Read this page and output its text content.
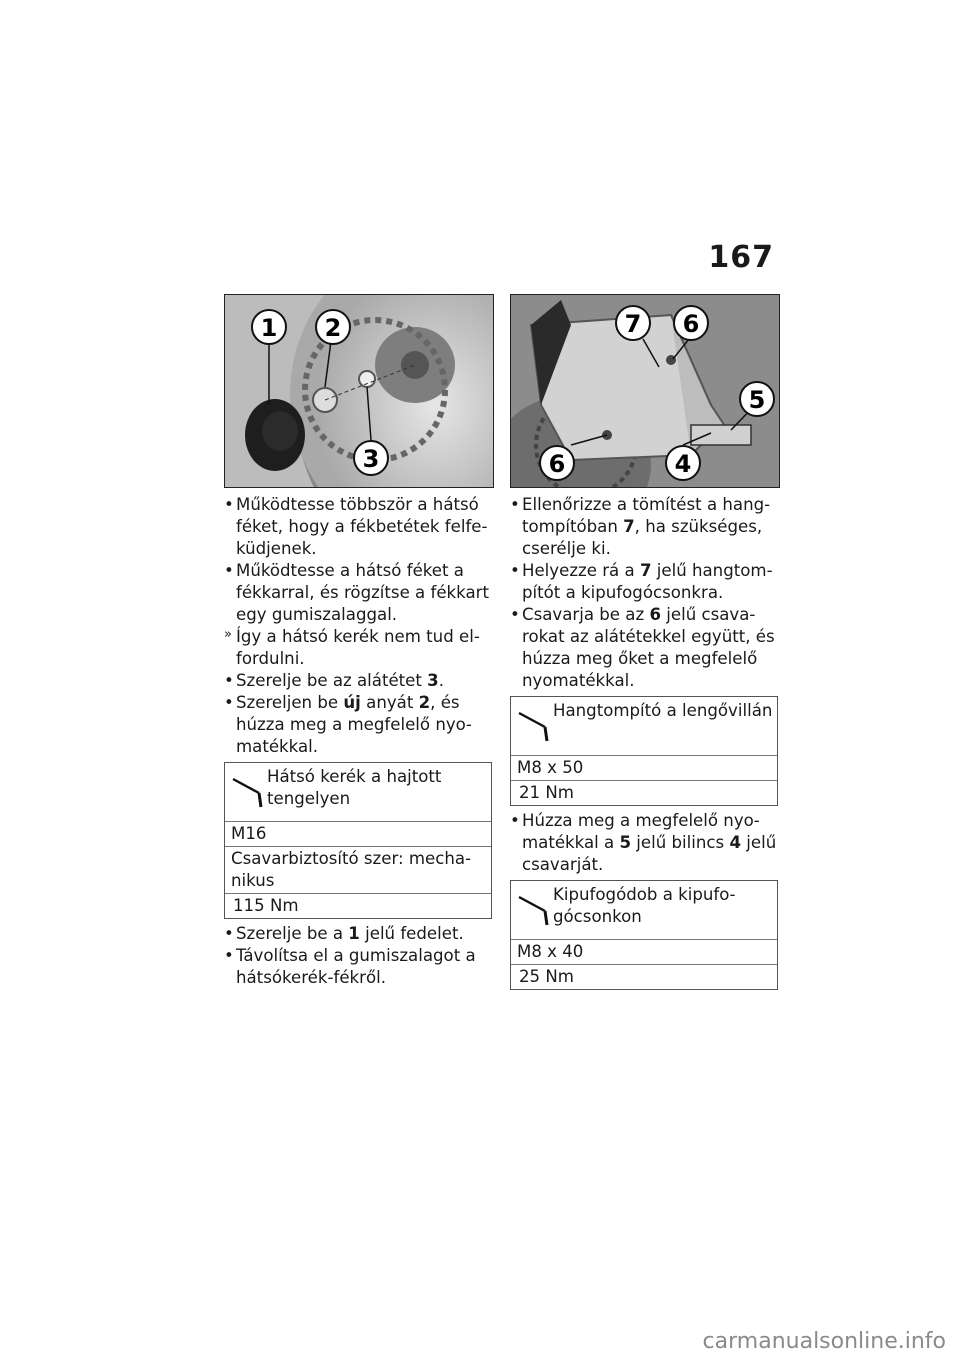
167
1 2
3
• Működtesse többször a hátsó féket, hogy a fékbetétek felfeküdjenek.
• Működtesse a hátsó féket a fékkarral, és rögzítse a fékkart egy gumiszalaggal.
» Így a hátsó kerék nem tud elfordulni.
• Szerelje be az alátétet 3.
• Szereljen be új anyát 2, és húzza meg a megfelelő nyomatékkal.
Hátsó kerék a hajtott tengelyen
M16
Csavarbiztosító szer: mechanikus
115 Nm
• Szerelje be a 1 jelű fedelet.
• Távolítsa el a gumiszalagot a hátsókerék-fékről.
7 6
5
6	4
• Ellenőrizze a tömítést a hangtompítóban 7, ha szükséges, cserélje ki.
• Helyezze rá a 7 jelű hangtompítót a kipufogócsonkra.
• Csavarja be az 6 jelű csavarokat az alátétekkel együtt, és húzza meg őket a megfelelő nyomatékkal.
Hangtompító a lengővillán
M8 x 50
21 Nm
• Húzza meg a megfelelő nyomatékkal a 5 jelű bilincs 4 jelű csavarját.
Kipufogódob a kipufogócsonkon
M8 x 40
25 Nm
carmanualsonline.info
